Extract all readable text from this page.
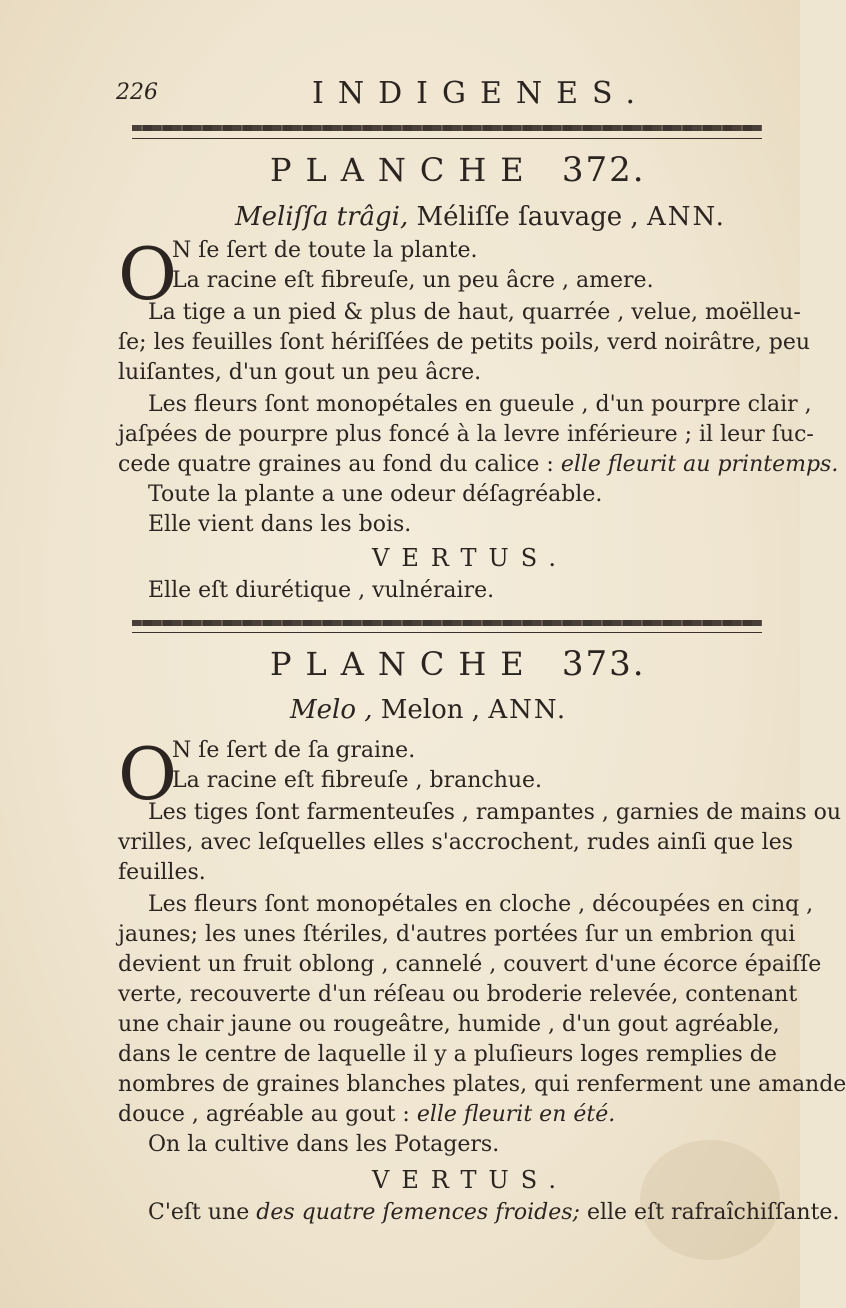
226	INDIGENES.
PLANCHE 372.
Meliſſa trâgi, Méliſſe ſauvage , ANN.
O
N ſe ſert de toute la plante.
La racine eſt fibreuſe, un peu âcre , amere.
La tige a un pied & plus de haut, quarrée , velue, moëlleu-
ſe; les feuilles ſont hériſſées de petits poils, verd noirâtre, peu
luiſantes, d'un gout un peu âcre.
Les fleurs ſont monopétales en gueule , d'un pourpre clair ,
jaſpées de pourpre plus foncé à la levre inférieure ; il leur ſuc-
cede quatre graines au fond du calice : elle fleurit au printemps.
Toute la plante a une odeur déſagréable.
Elle vient dans les bois.
VERTUS.
Elle eſt diurétique , vulnéraire.
PLANCHE 373.
Melo , Melon , ANN.
O
N ſe ſert de ſa graine.
La racine eſt fibreuſe , branchue.
Les tiges ſont farmenteuſes , rampantes , garnies de mains ou
vrilles, avec leſquelles elles s'accrochent, rudes ainſi que les
feuilles.
Les fleurs ſont monopétales en cloche , découpées en cinq ,
jaunes; les unes ſtériles, d'autres portées ſur un embrion qui
devient un fruit oblong , cannelé , couvert d'une écorce épaiſſe
verte, recouverte d'un réſeau ou broderie relevée, contenant
une chair jaune ou rougeâtre, humide , d'un gout agréable,
dans le centre de laquelle il y a pluſieurs loges remplies de
nombres de graines blanches plates, qui renferment une amande
douce , agréable au gout : elle fleurit en été.
On la cultive dans les Potagers.
VERTUS.
C'eſt une des quatre ſemences froides; elle eſt rafraîchiſſante.
